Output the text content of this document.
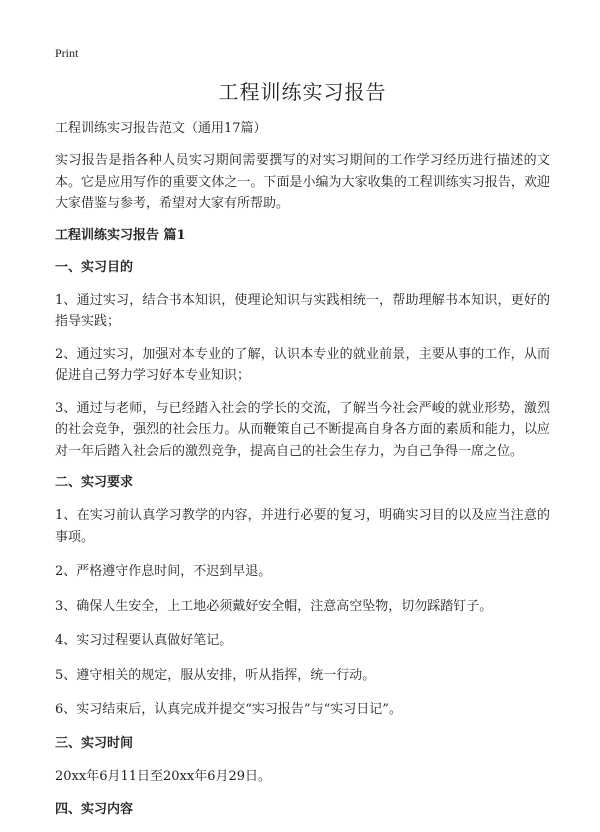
Print
工程训练实习报告
工程训练实习报告范文（通用17篇）

实习报告是指各种人员实习期间需要撰写的对实习期间的工作学习经历进行描述的文本。它是应用写作的重要文体之一。下面是小编为大家收集的工程训练实习报告，欢迎大家借鉴与参考，希望对大家有所帮助。

工程训练实习报告 篇1
一、实习目的

1、通过实习，结合书本知识，使理论知识与实践相统一，帮助理解书本知识，更好的指导实践；

2、通过实习，加强对本专业的了解，认识本专业的就业前景，主要从事的工作，从而促进自己努力学习好本专业知识；

3、通过与老师，与已经踏入社会的学长的交流，了解当今社会严峻的就业形势，激烈的社会竞争，强烈的社会压力。从而鞭策自己不断提高自身各方面的素质和能力，以应对一年后踏入社会后的激烈竞争，提高自己的社会生存力，为自己争得一席之位。

二、实习要求

1、在实习前认真学习教学的内容，并进行必要的复习，明确实习目的以及应当注意的事项。

2、严格遵守作息时间，不迟到早退。

3、确保人生安全，上工地必须戴好安全帽，注意高空坠物，切勿踩踏钉子。

4、实习过程要认真做好笔记。

5、遵守相关的规定，服从安排，听从指挥，统一行动。

6、实习结束后，认真完成并提交“实习报告”与“实习日记”。

三、实习时间

20xx年6月11日至20xx年6月29日。

四、实习内容
